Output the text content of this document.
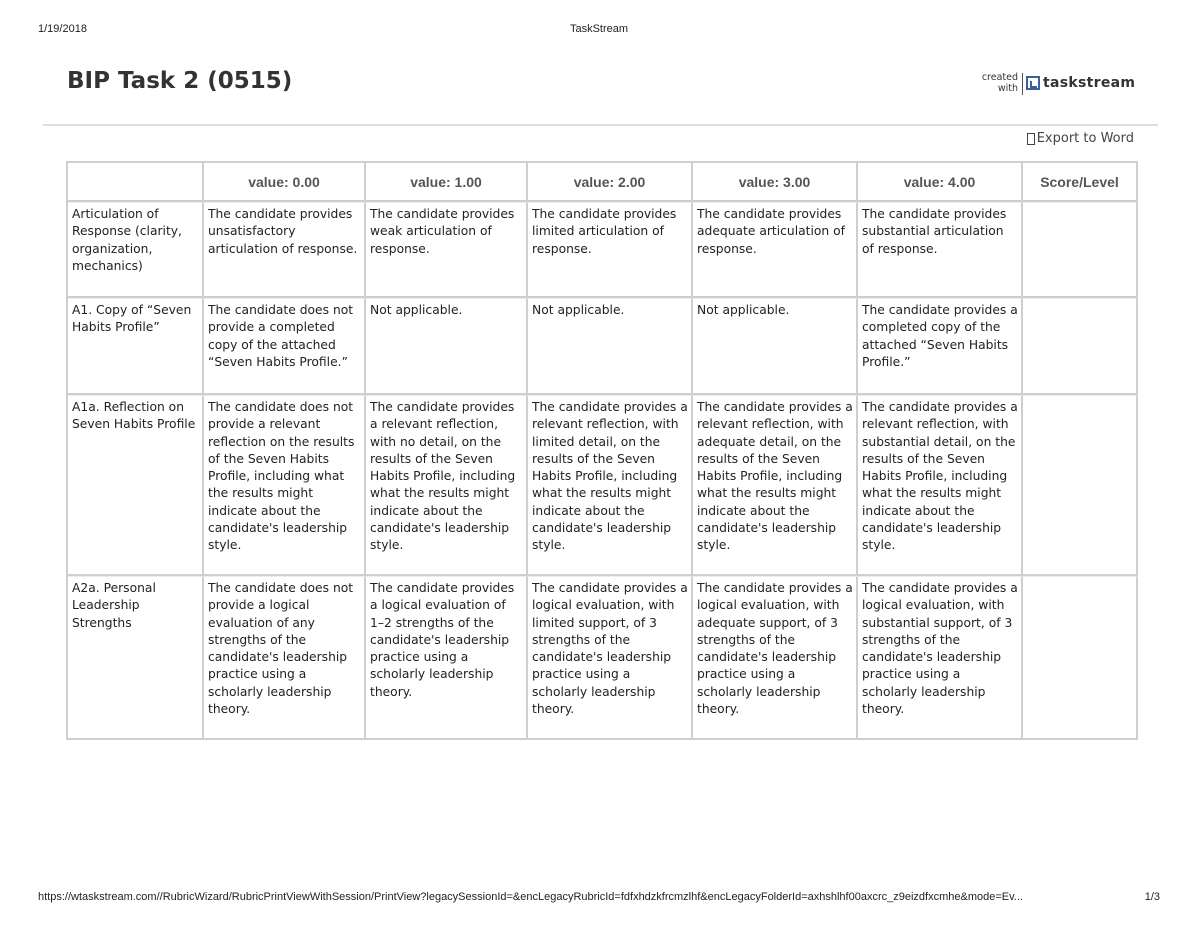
1/19/2018	TaskStream
BIP Task 2 (0515)	created
with taskstream
Export to Word
	value: 0.00	value: 1.00	value: 2.00	value: 3.00	value: 4.00	Score/Level
Articulation of Response (clarity, organization, mechanics)	The candidate provides unsatisfactory articulation of response.	The candidate provides weak articulation of response.	The candidate provides limited articulation of response.	The candidate provides adequate articulation of response.	The candidate provides substantial articulation of response.	
A1. Copy of “Seven Habits Profile”	The candidate does not provide a completed copy of the attached “Seven Habits Profile.”	Not applicable.	Not applicable.	Not applicable.	The candidate provides a completed copy of the attached “Seven Habits Profile.”	
A1a. Reflection on Seven Habits Profile	The candidate does not provide a relevant reflection on the results of the Seven Habits Profile, including what the results might indicate about the candidate's leadership style.	The candidate provides a relevant reflection, with no detail, on the results of the Seven Habits Profile, including what the results might indicate about the candidate's leadership style.	The candidate provides a relevant reflection, with limited detail, on the results of the Seven Habits Profile, including what the results might indicate about the candidate's leadership style.	The candidate provides a relevant reflection, with adequate detail, on the results of the Seven Habits Profile, including what the results might indicate about the candidate's leadership style.	The candidate provides a relevant reflection, with substantial detail, on the results of the Seven Habits Profile, including what the results might indicate about the candidate's leadership style.	
A2a. Personal Leadership Strengths	The candidate does not provide a logical evaluation of any strengths of the candidate's leadership practice using a scholarly leadership theory.	The candidate provides a logical evaluation of 1–2 strengths of the candidate's leadership practice using a scholarly leadership theory.	The candidate provides a logical evaluation, with limited support, of 3 strengths of the candidate's leadership practice using a scholarly leadership theory.	The candidate provides a logical evaluation, with adequate support, of 3 strengths of the candidate's leadership practice using a scholarly leadership theory.	The candidate provides a logical evaluation, with substantial support, of 3 strengths of the candidate's leadership practice using a scholarly leadership theory.	
https://wtaskstream.com//RubricWizard/RubricPrintViewWithSession/PrintView?legacySessionId=&encLegacyRubricId=fdfxhdzkfrcmzlhf&encLegacyFolderId=axhshlhf00axcrc_z9eizdfxcmhe&mode=Ev...	1/3
